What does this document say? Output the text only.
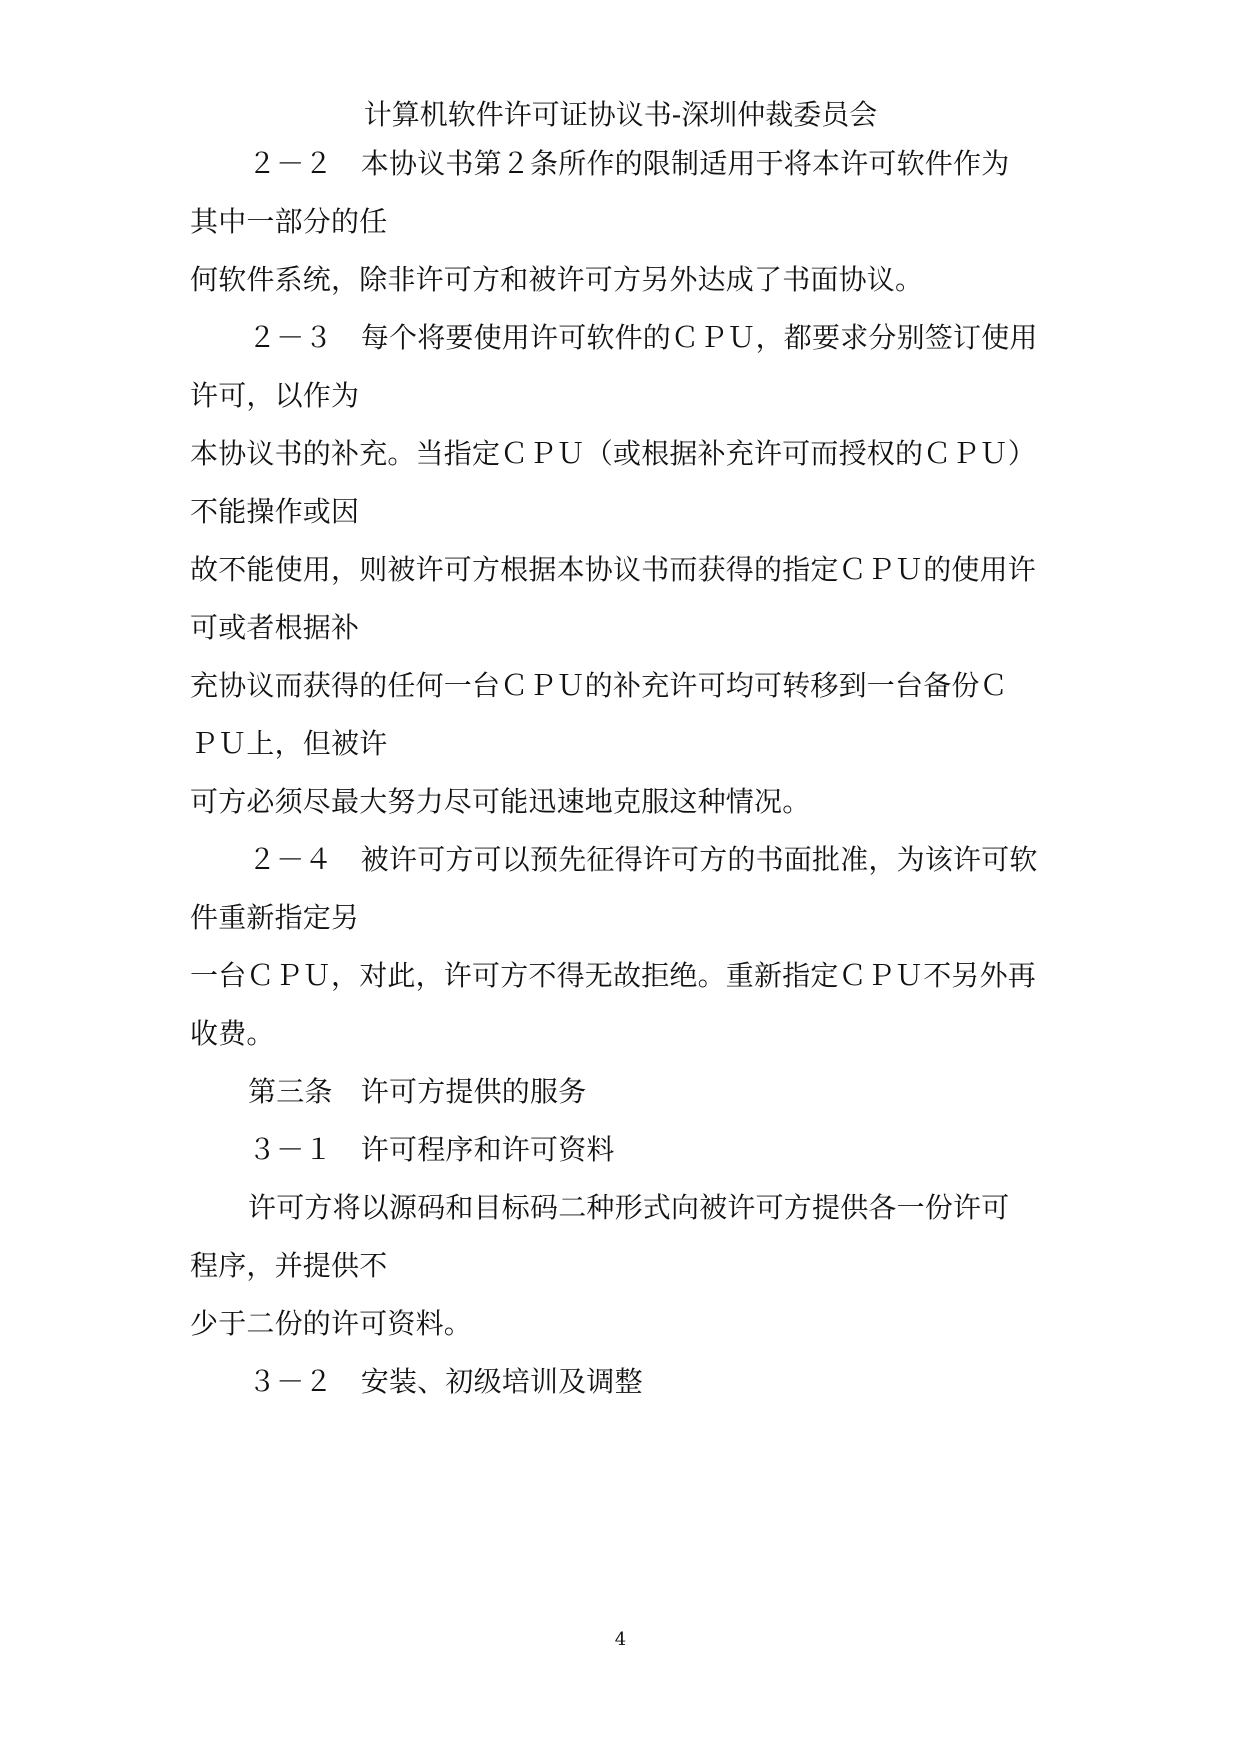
计算机软件许可证协议书-深圳仲裁委员会
２－２　本协议书第２条所作的限制适用于将本许可软件作为
其中一部分的任
何软件系统，除非许可方和被许可方另外达成了书面协议。
２－３　每个将要使用许可软件的ＣＰＵ，都要求分别签订使用
许可，以作为
本协议书的补充。当指定ＣＰＵ（或根据补充许可而授权的ＣＰＵ）
不能操作或因
故不能使用，则被许可方根据本协议书而获得的指定ＣＰＵ的使用许
可或者根据补
充协议而获得的任何一台ＣＰＵ的补充许可均可转移到一台备份Ｃ
ＰＵ上，但被许
可方必须尽最大努力尽可能迅速地克服这种情况。
２－４　被许可方可以预先征得许可方的书面批准，为该许可软
件重新指定另
一台ＣＰＵ，对此，许可方不得无故拒绝。重新指定ＣＰＵ不另外再
收费。
第三条　许可方提供的服务
３－１　许可程序和许可资料
许可方将以源码和目标码二种形式向被许可方提供各一份许可
程序，并提供不
少于二份的许可资料。
３－２　安装、初级培训及调整
4
